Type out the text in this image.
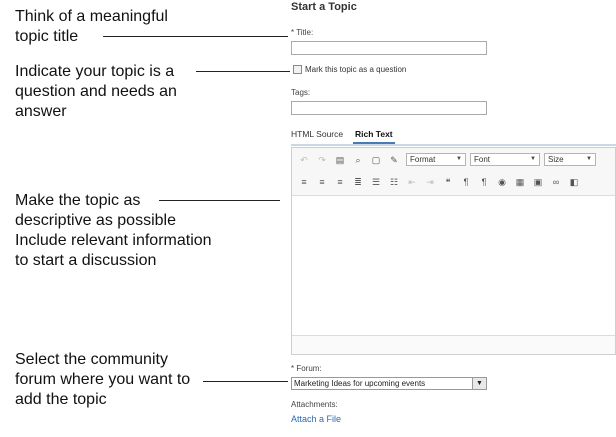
Think of a meaningful
topic title
Indicate your topic is a
question and needs an
answer
Make the topic as
descriptive as possible
Include relevant information
to start a discussion
Select the community
forum where you want to
add the topic
Start a Topic
* Title:
Mark this topic as a question
Tags:
HTML Source Rich Text
↶ ↷ ▤	⌕	▢ ✎	Format	▼	Font	▼	Size	▼
≡	≡	≡	≣ ☰ ☷ ⇤ ⇥	❝	¶	¶	◉ ▦ ▣	∞	◧
* Forum:
Marketing Ideas for upcoming events	▼
Attachments:
Attach a File
